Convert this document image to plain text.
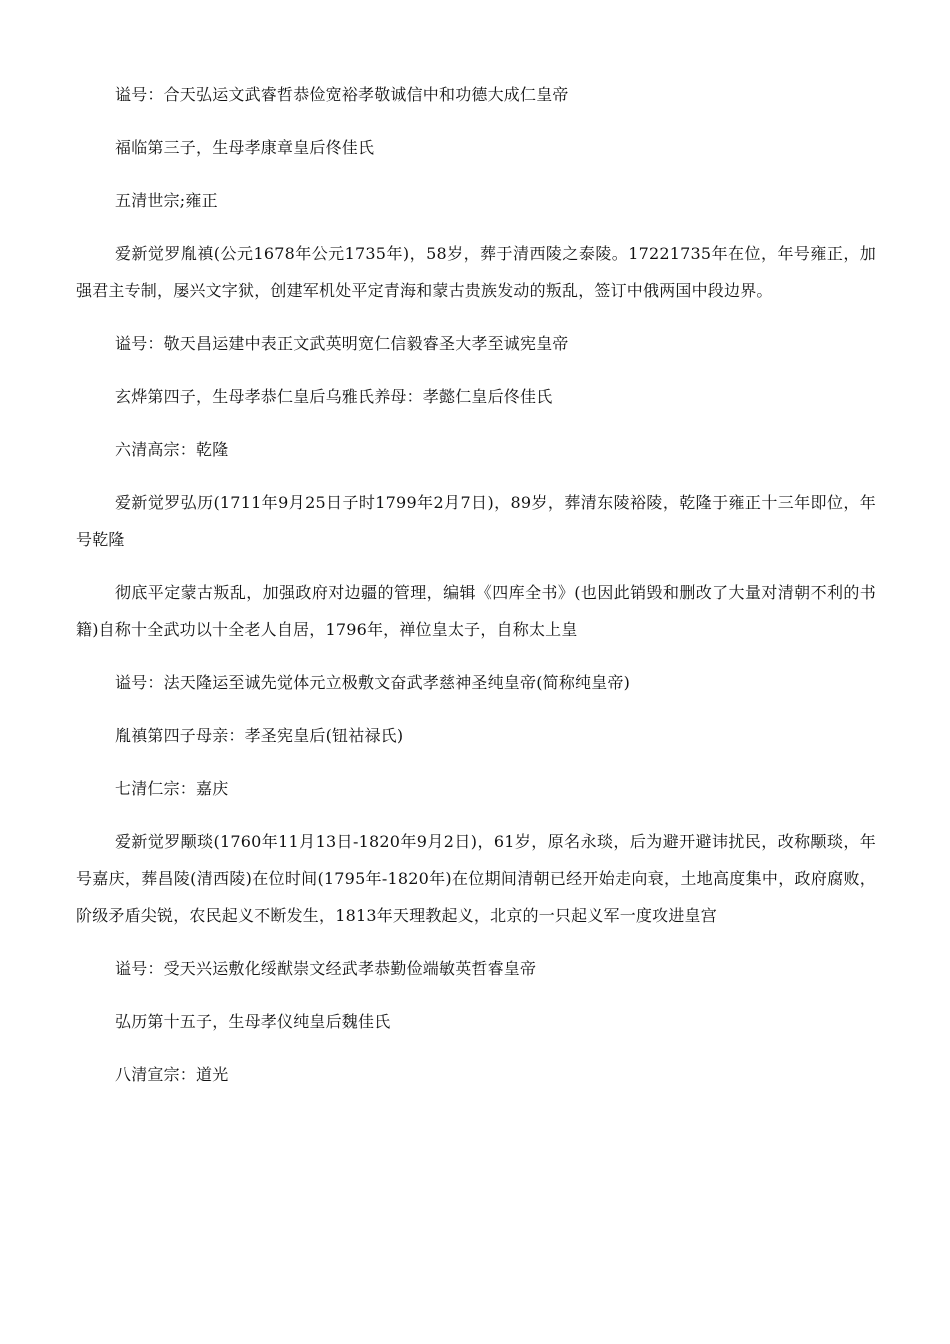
谥号：合天弘运文武睿哲恭俭宽裕孝敬诚信中和功德大成仁皇帝

福临第三子，生母孝康章皇后佟佳氏

五清世宗;雍正

爱新觉罗胤禛(公元1678年公元1735年)，58岁，葬于清西陵之泰陵。17221735年在位，年号雍正，加强君主专制，屡兴文字狱，创建军机处平定青海和蒙古贵族发动的叛乱，签订中俄两国中段边界。

谥号：敬天昌运建中表正文武英明宽仁信毅睿圣大孝至诚宪皇帝

玄烨第四子，生母孝恭仁皇后乌雅氏养母：孝懿仁皇后佟佳氏

六清高宗：乾隆

爱新觉罗弘历(1711年9月25日子时1799年2月7日)，89岁，葬清东陵裕陵，乾隆于雍正十三年即位，年号乾隆

彻底平定蒙古叛乱，加强政府对边疆的管理，编辑《四库全书》(也因此销毁和删改了大量对清朝不利的书籍)自称十全武功以十全老人自居，1796年，禅位皇太子，自称太上皇

谥号：法天隆运至诚先觉体元立极敷文奋武孝慈神圣纯皇帝(简称纯皇帝)

胤禛第四子母亲：孝圣宪皇后(钮祜禄氏)

七清仁宗：嘉庆

爱新觉罗颙琰(1760年11月13日-1820年9月2日)，61岁，原名永琰，后为避开避讳扰民，改称颙琰，年号嘉庆，葬昌陵(清西陵)在位时间(1795年-1820年)在位期间清朝已经开始走向衰，土地高度集中，政府腐败，阶级矛盾尖锐，农民起义不断发生，1813年天理教起义，北京的一只起义军一度攻进皇宫

谥号：受天兴运敷化绥猷崇文经武孝恭勤俭端敏英哲睿皇帝

弘历第十五子，生母孝仪纯皇后魏佳氏

八清宣宗：道光
